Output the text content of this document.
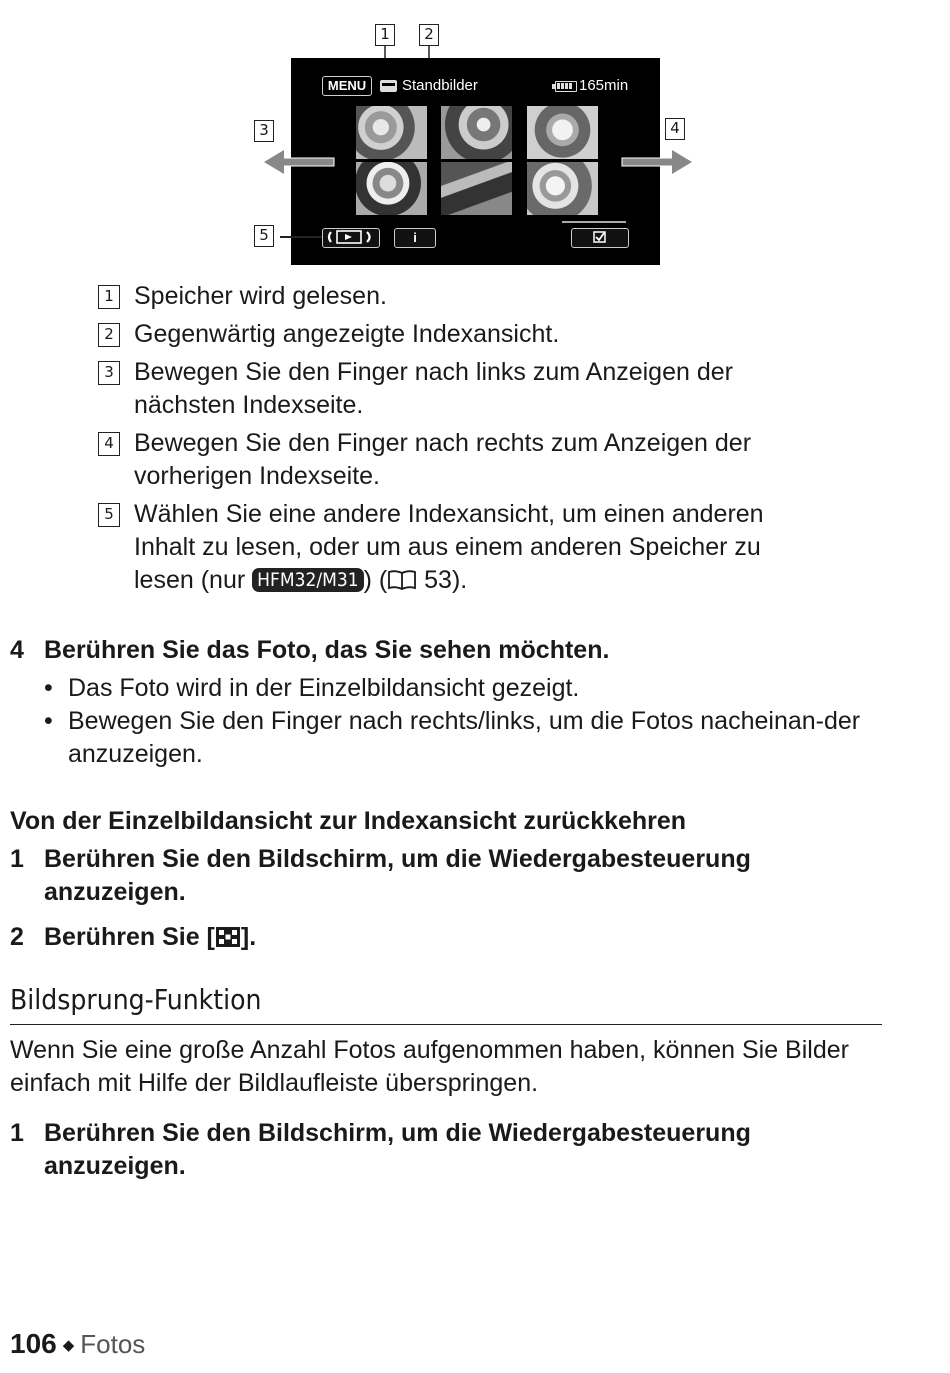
1	2
3	4
5
MENU	Standbilder	165min
i
1 Speicher wird gelesen.
2 Gegenwärtig angezeigte Indexansicht.
3 Bewegen Sie den Finger nach links zum Anzeigen der nächsten Indexseite.
4 Bewegen Sie den Finger nach rechts zum Anzeigen der vorherigen Indexseite.
5 Wählen Sie eine andere Indexansicht, um einen anderen Inhalt zu lesen, oder um aus einem anderen Speicher zu lesen (nur HFM32/M31 ) ( 53).
4 Berühren Sie das Foto, das Sie sehen möchten.
• Das Foto wird in der Einzelbildansicht gezeigt.
• Bewegen Sie den Finger nach rechts/links, um die Fotos nacheinan-der anzuzeigen.
Von der Einzelbildansicht zur Indexansicht zurückkehren
1 Berühren Sie den Bildschirm, um die Wiedergabesteuerung anzuzeigen.
2 Berühren Sie [ ].
Bildsprung-Funktion
Wenn Sie eine große Anzahl Fotos aufgenommen haben, können Sie Bilder einfach mit Hilfe der Bildlaufleiste überspringen.
1 Berühren Sie den Bildschirm, um die Wiedergabesteuerung anzuzeigen.
106 ◆ Fotos
